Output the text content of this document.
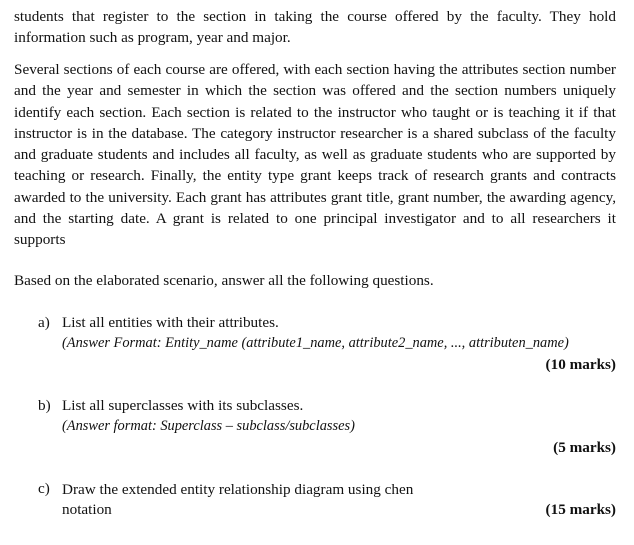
students that register to the section in taking the course offered by the faculty. They hold information such as program, year and major.

Several sections of each course are offered, with each section having the attributes section number and the year and semester in which the section was offered and the section numbers uniquely identify each section. Each section is related to the instructor who taught or is teaching it if that instructor is in the database. The category instructor researcher is a shared subclass of the faculty and graduate students and includes all faculty, as well as graduate students who are supported by teaching or research. Finally, the entity type grant keeps track of research grants and contracts awarded to the university. Each grant has attributes grant title, grant number, the awarding agency, and the starting date. A grant is related to one principal investigator and to all researchers it supports

Based on the elaborated scenario, answer all the following questions.

a) List all entities with their attributes.
(Answer Format: Entity_name (attribute1_name, attribute2_name, ..., attributen_name)
(10 marks)
b) List all superclasses with its subclasses.
(Answer format: Superclass – subclass/subclasses)
(5 marks)
c) Draw the extended entity relationship diagram using chen notation	(15 marks)
